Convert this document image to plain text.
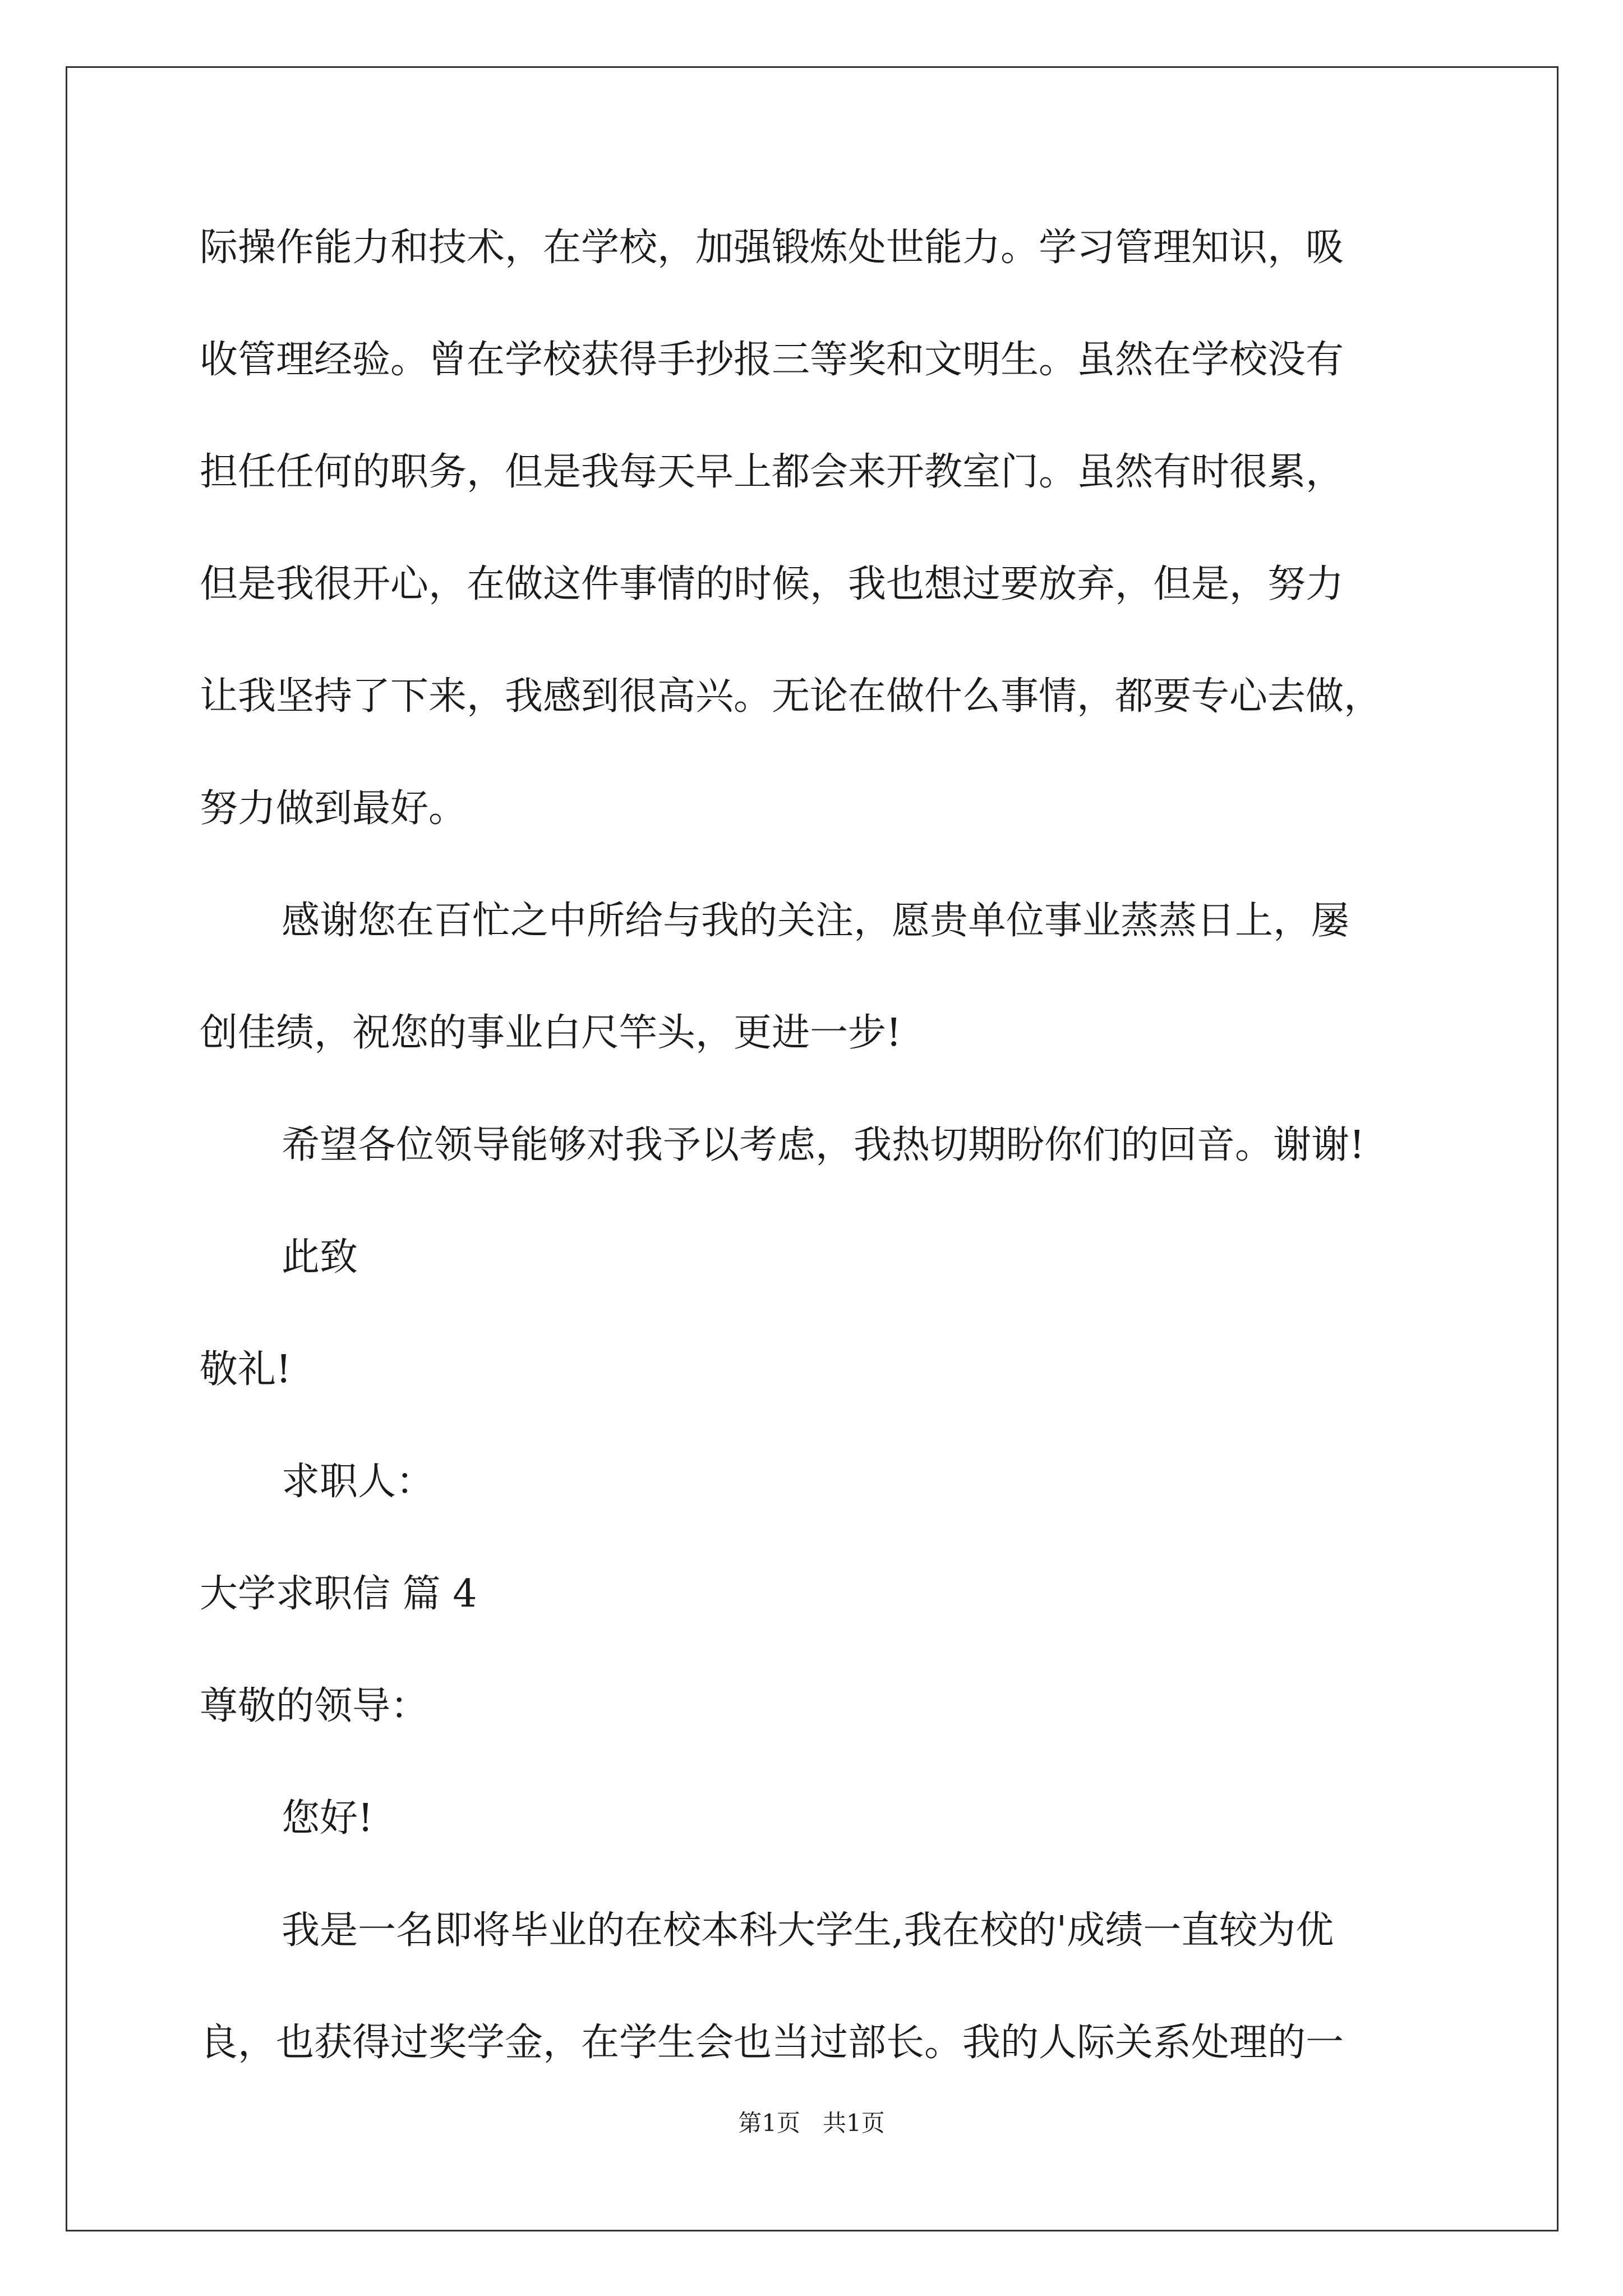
际操作能力和技术，在学校，加强锻炼处世能力。学习管理知识，吸
收管理经验。曾在学校获得手抄报三等奖和文明生。虽然在学校没有
担任任何的职务，但是我每天早上都会来开教室门。虽然有时很累，
但是我很开心，在做这件事情的时候，我也想过要放弃，但是，努力
让我坚持了下来，我感到很高兴。无论在做什么事情，都要专心去做，
努力做到最好。
感谢您在百忙之中所给与我的关注，愿贵单位事业蒸蒸日上，屡
创佳绩，祝您的事业白尺竿头，更进一步!
希望各位领导能够对我予以考虑，我热切期盼你们的回音。谢谢!
此致
敬礼!
求职人：
大学求职信 篇 4
尊敬的领导：
您好!
我是一名即将毕业的在校本科大学生,我在校的'成绩一直较为优
良，也获得过奖学金，在学生会也当过部长。我的人际关系处理的一
第1页 共1页
